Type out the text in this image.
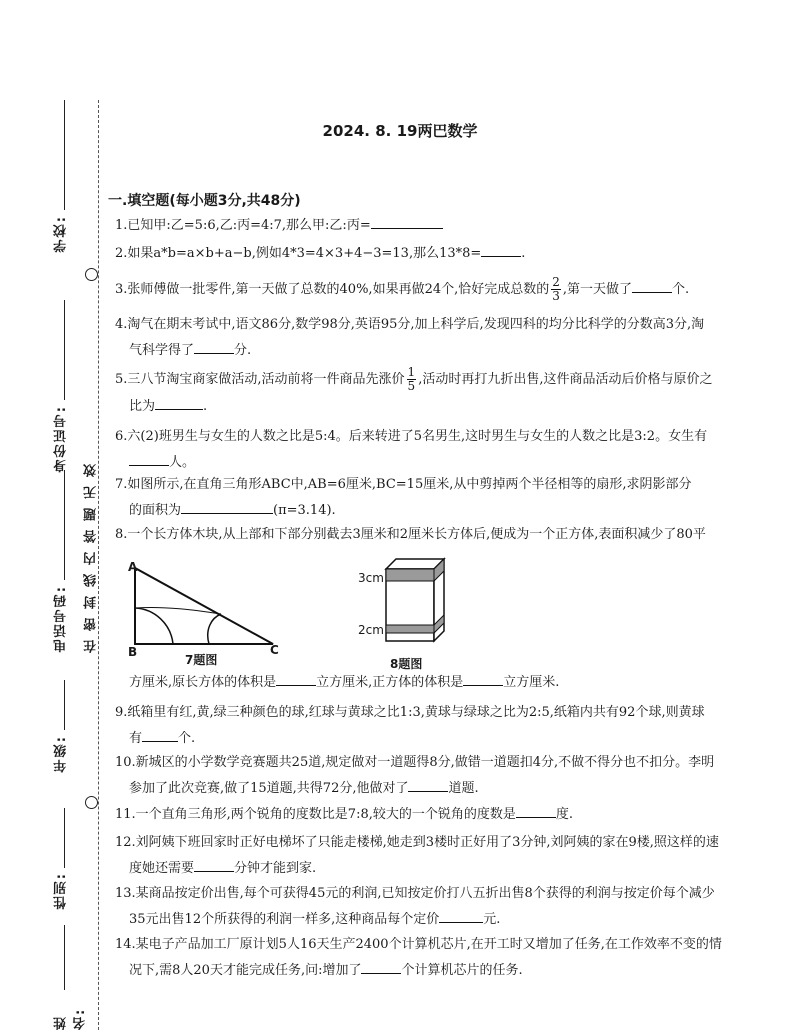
学校:
身份证号:
电话号码: 在密封线内答题无效
年级:
性别:
姓名:
2024. 8. 19两巴数学
一.填空题(每小题3分,共48分)
1.已知甲:乙=5:6,乙:丙=4:7,那么甲:乙:丙=
2.如果a*b=a×b+a−b,例如4*3=4×3+4−3=13,那么13*8=	.
3.张师傅做一批零件,第一天做了总数的40%,如果再做24个,恰好完成总数的 $\frac{2}{3}$ ,第一天做了	个.
4.淘气在期末考试中,语文86分,数学98分,英语95分,加上科学后,发现四科的均分比科学的分数高3分,淘
气科学得了	分.
5.三八节淘宝商家做活动,活动前将一件商品先涨价 $\frac{1}{5}$ ,活动时再打九折出售,这件商品活动后价格与原价之
比为	.
6.六(2)班男生与女生的人数之比是5:4。后来转进了5名男生,这时男生与女生的人数之比是3:2。女生有
人。
7.如图所示,在直角三角形ABC中,AB=6厘米,BC=15厘米,从中剪掉两个半径相等的扇形,求阴影部分
的面积为	(π=3.14).
8.一个长方体木块,从上部和下部分别截去3厘米和2厘米长方体后,便成为一个正方体,表面积减少了80平
A
B	C
7题图
3cm
2cm
8题图
方厘米,原长方体的体积是	立方厘米,正方体的体积是	立方厘米.
9.纸箱里有红,黄,绿三种颜色的球,红球与黄球之比1:3,黄球与绿球之比为2:5,纸箱内共有92个球,则黄球
有	个.
10.新城区的小学数学竞赛题共25道,规定做对一道题得8分,做错一道题扣4分,不做不得分也不扣分。李明
参加了此次竞赛,做了15道题,共得72分,他做对了	道题.
11.一个直角三角形,两个锐角的度数比是7:8,较大的一个锐角的度数是	度.
12.刘阿姨下班回家时正好电梯坏了只能走楼梯,她走到3楼时正好用了3分钟,刘阿姨的家在9楼,照这样的速
度她还需要	分钟才能到家.
13.某商品按定价出售,每个可获得45元的利润,已知按定价打八五折出售8个获得的利润与按定价每个减少
35元出售12个所获得的利润一样多,这种商品每个定价	元.
14.某电子产品加工厂原计划5人16天生产2400个计算机芯片,在开工时又增加了任务,在工作效率不变的情
况下,需8人20天才能完成任务,问:增加了	个计算机芯片的任务.
